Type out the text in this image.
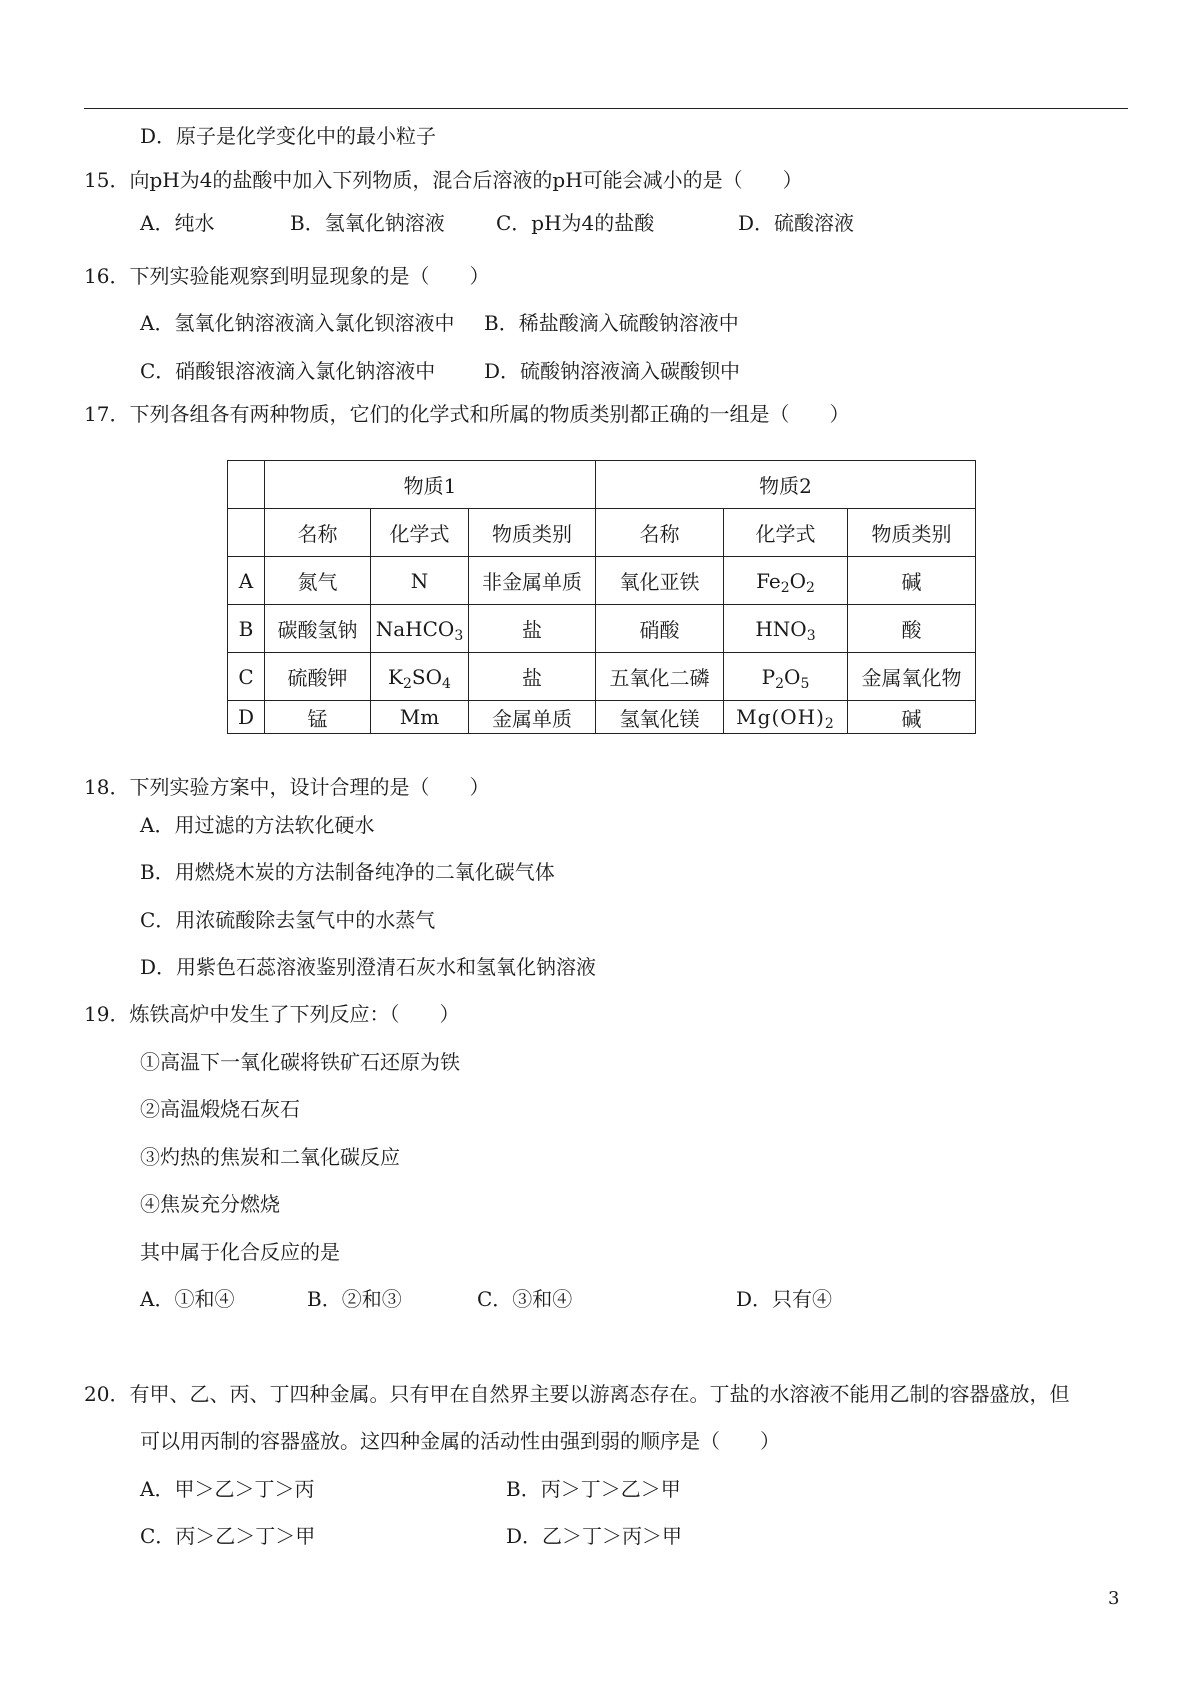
D．原子是化学变化中的最小粒子
15．向pH为4的盐酸中加入下列物质，混合后溶液的pH可能会减小的是（　　）
A．纯水	B．氢氧化钠溶液	C．pH为4的盐酸	D．硫酸溶液
16．下列实验能观察到明显现象的是（　　）
A．氢氧化钠溶液滴入氯化钡溶液中 B．稀盐酸滴入硫酸钠溶液中
C．硝酸银溶液滴入氯化钠溶液中 D．硫酸钠溶液滴入碳酸钡中
17．下列各组各有两种物质，它们的化学式和所属的物质类别都正确的一组是（　　）
	物质1			物质2		
	名称	化学式	物质类别	名称	化学式	物质类别
A	氮气	N	非金属单质	氧化亚铁	$Fe_2O_2$	碱
B	碳酸氢钠	NaHCO$_3$	盐	硝酸	$HNO_3$	酸
C	硫酸钾	$K_2SO_4$	盐	五氧化二磷	$P_2O_5$	金属氧化物
D	锰	Mm	金属单质	氢氧化镁	$Mg(OH)_2$	碱
18．下列实验方案中，设计合理的是（　　）
A．用过滤的方法软化硬水
B．用燃烧木炭的方法制备纯净的二氧化碳气体
C．用浓硫酸除去氢气中的水蒸气
D．用紫色石蕊溶液鉴别澄清石灰水和氢氧化钠溶液
19．炼铁高炉中发生了下列反应：（　　）
①高温下一氧化碳将铁矿石还原为铁
②高温煅烧石灰石
③灼热的焦炭和二氧化碳反应
④焦炭充分燃烧
其中属于化合反应的是
A．①和④	B．②和③	C．③和④	D．只有④
20．有甲、乙、丙、丁四种金属。只有甲在自然界主要以游离态存在。丁盐的水溶液不能用乙制的容器盛放，但
可以用丙制的容器盛放。这四种金属的活动性由强到弱的顺序是（　　）
A．甲＞乙＞丁＞丙	B．丙＞丁＞乙＞甲
C．丙＞乙＞丁＞甲	D．乙＞丁＞丙＞甲
3
